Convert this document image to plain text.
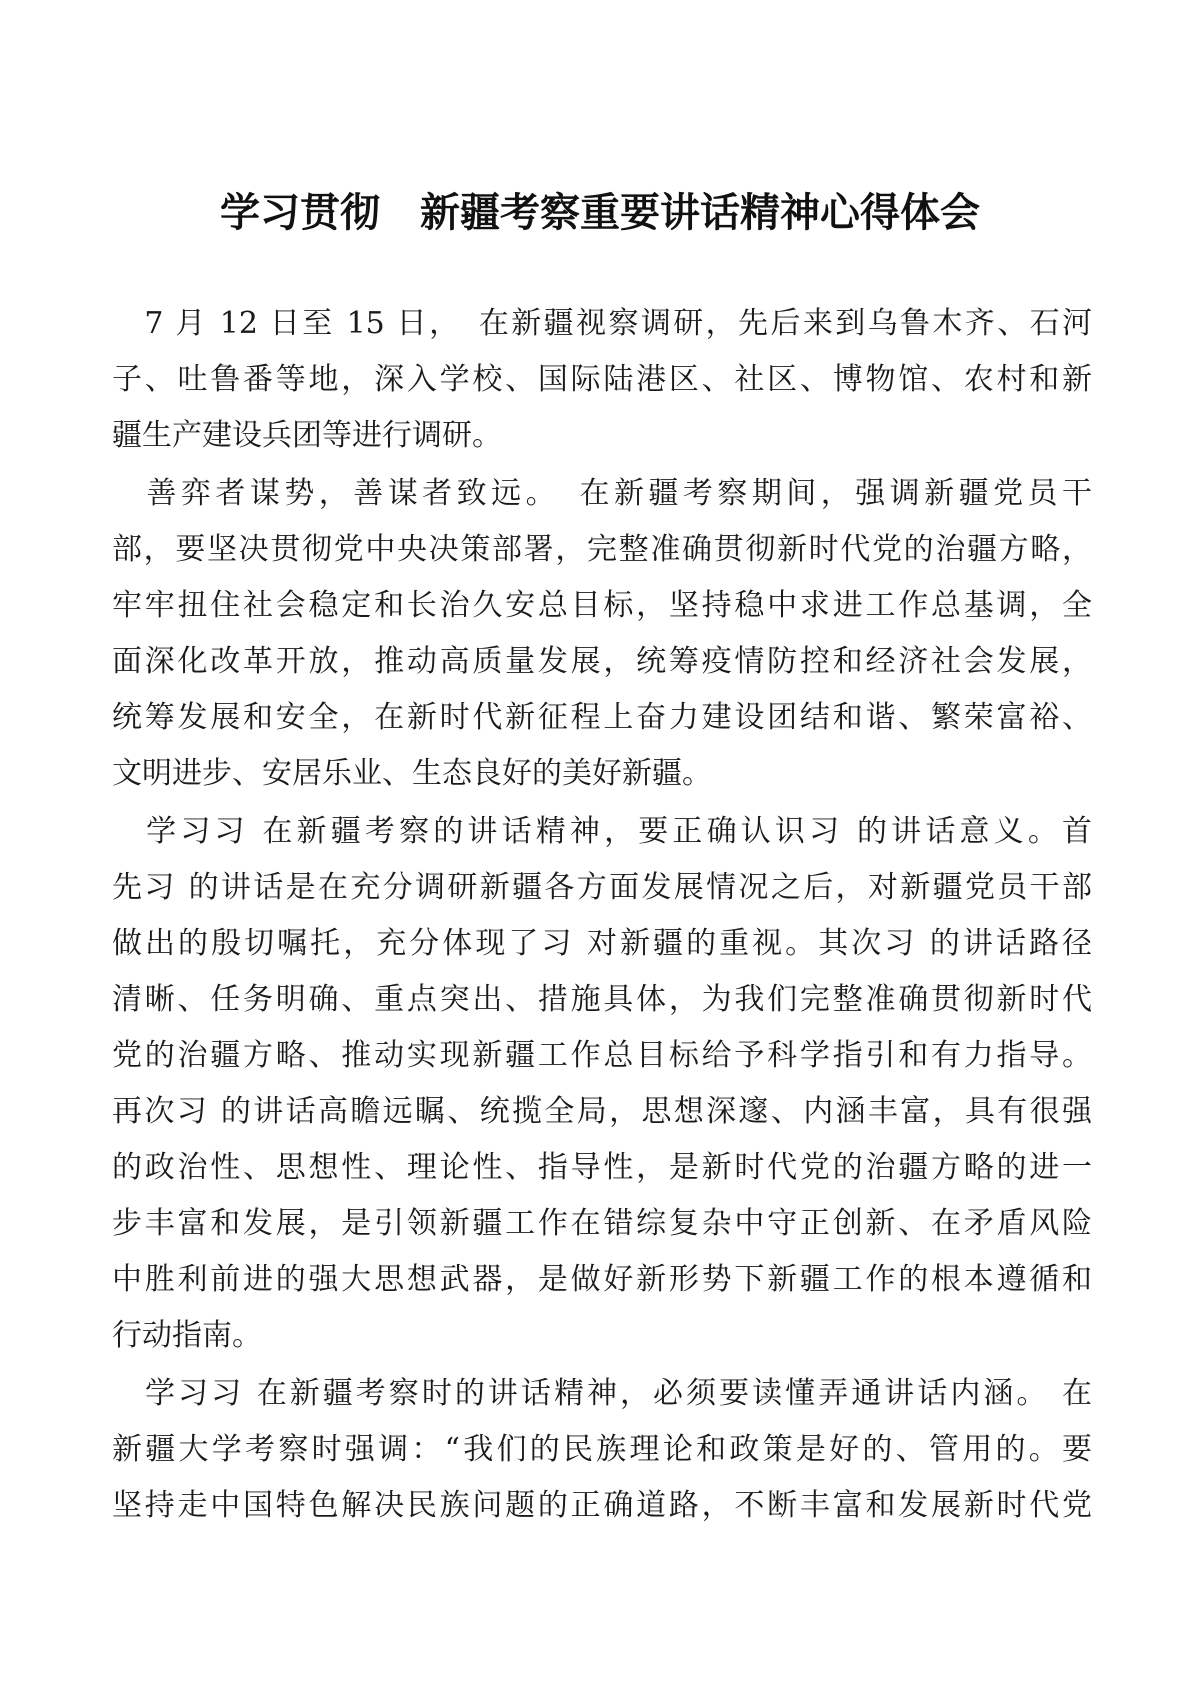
学习贯彻　新疆考察重要讲话精神心得体会

　7 月 12 日至 15 日，　在新疆视察调研，先后来到乌鲁木齐、石河
子、吐鲁番等地，深入学校、国际陆港区、社区、博物馆、农村和新
疆生产建设兵团等进行调研。

　善弈者谋势，善谋者致远。　在新疆考察期间，强调新疆党员干
部，要坚决贯彻党中央决策部署，完整准确贯彻新时代党的治疆方略，
牢牢扭住社会稳定和长治久安总目标，坚持稳中求进工作总基调，全
面深化改革开放，推动高质量发展，统筹疫情防控和经济社会发展，
统筹发展和安全，在新时代新征程上奋力建设团结和谐、繁荣富裕、
文明进步、安居乐业、生态良好的美好新疆。

　学习习 在新疆考察的讲话精神，要正确认识习 的讲话意义。首
先习 的讲话是在充分调研新疆各方面发展情况之后，对新疆党员干部
做出的殷切嘱托，充分体现了习 对新疆的重视。其次习 的讲话路径
清晰、任务明确、重点突出、措施具体，为我们完整准确贯彻新时代
党的治疆方略、推动实现新疆工作总目标给予科学指引和有力指导。
再次习 的讲话高瞻远瞩、统揽全局，思想深邃、内涵丰富，具有很强
的政治性、思想性、理论性、指导性，是新时代党的治疆方略的进一
步丰富和发展，是引领新疆工作在错综复杂中守正创新、在矛盾风险
中胜利前进的强大思想武器，是做好新形势下新疆工作的根本遵循和
行动指南。

　学习习 在新疆考察时的讲话精神，必须要读懂弄通讲话内涵。 在
新疆大学考察时强调：“我们的民族理论和政策是好的、管用的。要
坚持走中国特色解决民族问题的正确道路，不断丰富和发展新时代党
